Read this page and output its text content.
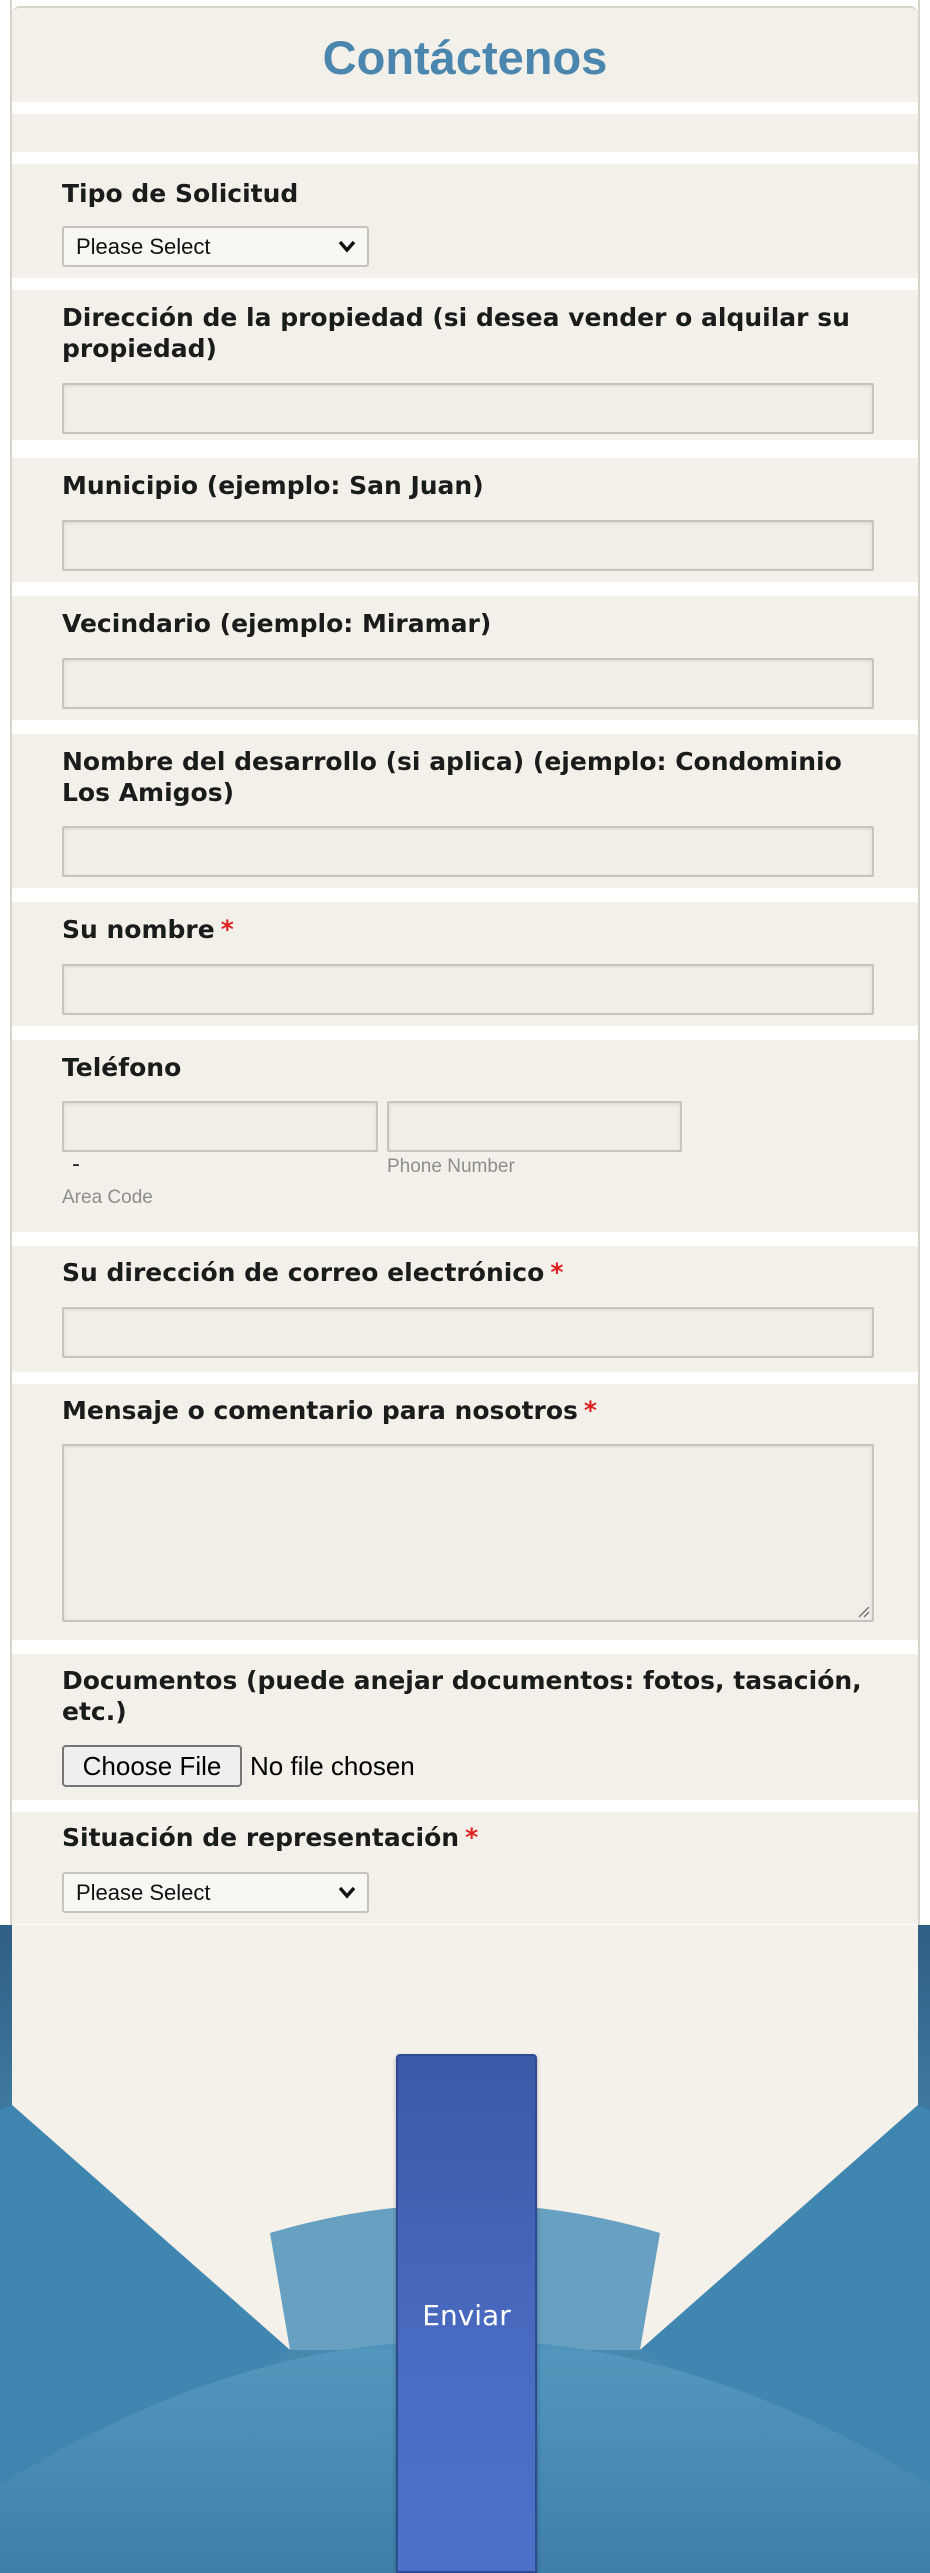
Contáctenos
Tipo de Solicitud
Please Select
Dirección de la propiedad (si desea vender o alquilar su propiedad)
Municipio (ejemplo: San Juan)
Vecindario (ejemplo: Miramar)
Nombre del desarrollo (si aplica) (ejemplo: Condominio Los Amigos)
Su nombre *
Teléfono
-	Phone Number
Area Code
Su dirección de correo electrónico *
Mensaje o comentario para nosotros *
Documentos (puede anejar documentos: fotos, tasación, etc.)
Choose File	No file chosen
Situación de representación *
Please Select
Enviar
